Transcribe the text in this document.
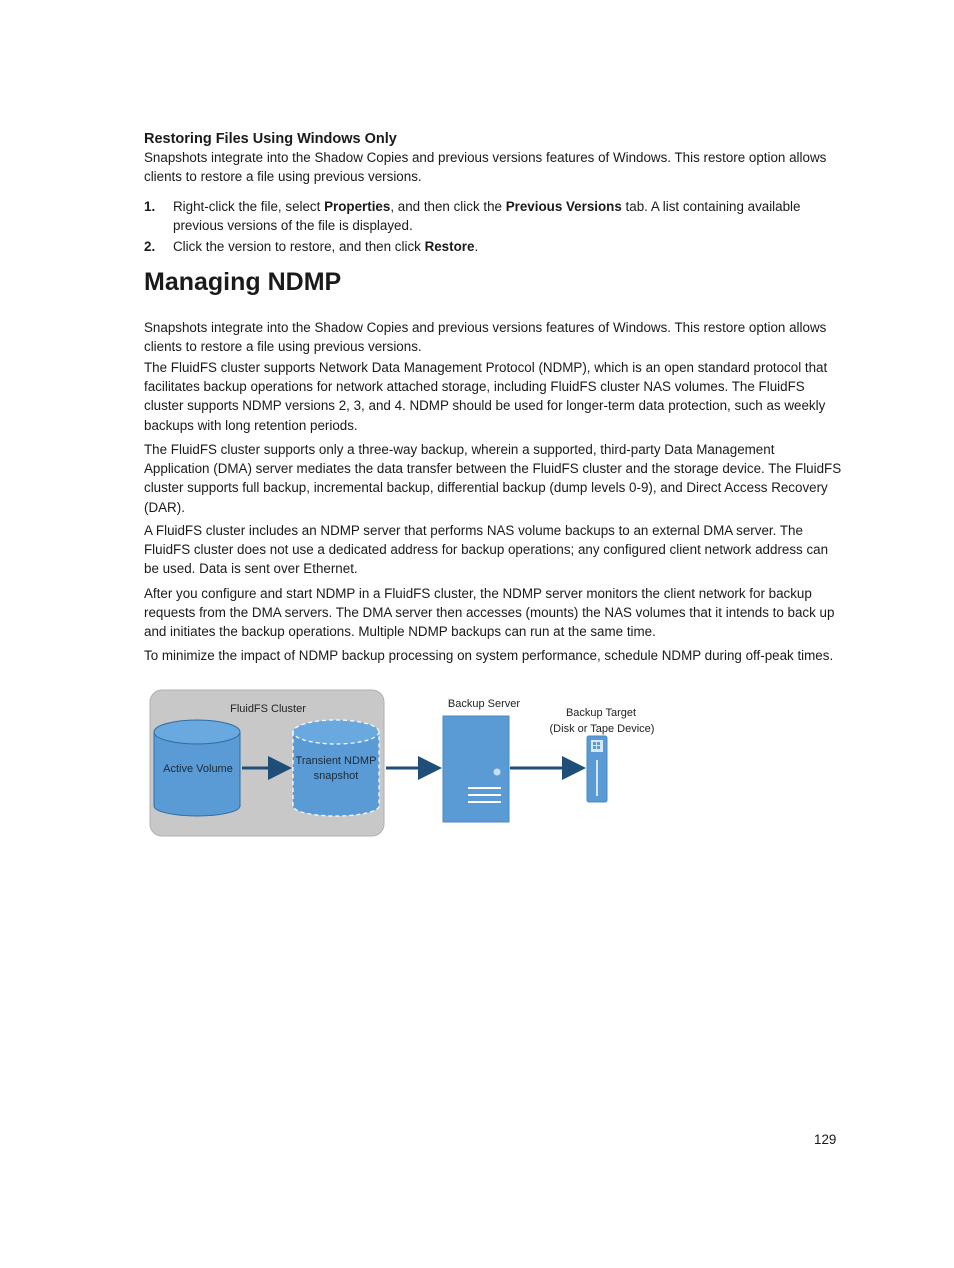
Restoring Files Using Windows Only

Snapshots integrate into the Shadow Copies and previous versions features of Windows. This restore option allows clients to restore a file using previous versions.

1. Right-click the file, select Properties, and then click the Previous Versions tab. A list containing available previous versions of the file is displayed.
2. Click the version to restore, and then click Restore.
Managing NDMP

Snapshots integrate into the Shadow Copies and previous versions features of Windows. This restore option allows clients to restore a file using previous versions.

The FluidFS cluster supports Network Data Management Protocol (NDMP), which is an open standard protocol that facilitates backup operations for network attached storage, including FluidFS cluster NAS volumes. The FluidFS cluster supports NDMP versions 2, 3, and 4. NDMP should be used for longer-term data protection, such as weekly backups with long retention periods.

The FluidFS cluster supports only a three-way backup, wherein a supported, third-party Data Management Application (DMA) server mediates the data transfer between the FluidFS cluster and the storage device. The FluidFS cluster supports full backup, incremental backup, differential backup (dump levels 0-9), and Direct Access Recovery (DAR).

A FluidFS cluster includes an NDMP server that performs NAS volume backups to an external DMA server. The FluidFS cluster does not use a dedicated address for backup operations; any configured client network address can be used. Data is sent over Ethernet.

After you configure and start NDMP in a FluidFS cluster, the NDMP server monitors the client network for backup requests from the DMA servers. The DMA server then accesses (mounts) the NAS volumes that it intends to back up and initiates the backup operations. Multiple NDMP backups can run at the same time.

To minimize the impact of NDMP backup processing on system performance, schedule NDMP during off-peak times.

FluidFS Cluster
Active Volume
Transient NDMP
snapshot
Backup Server
Backup Target
(Disk or Tape Device)
129
